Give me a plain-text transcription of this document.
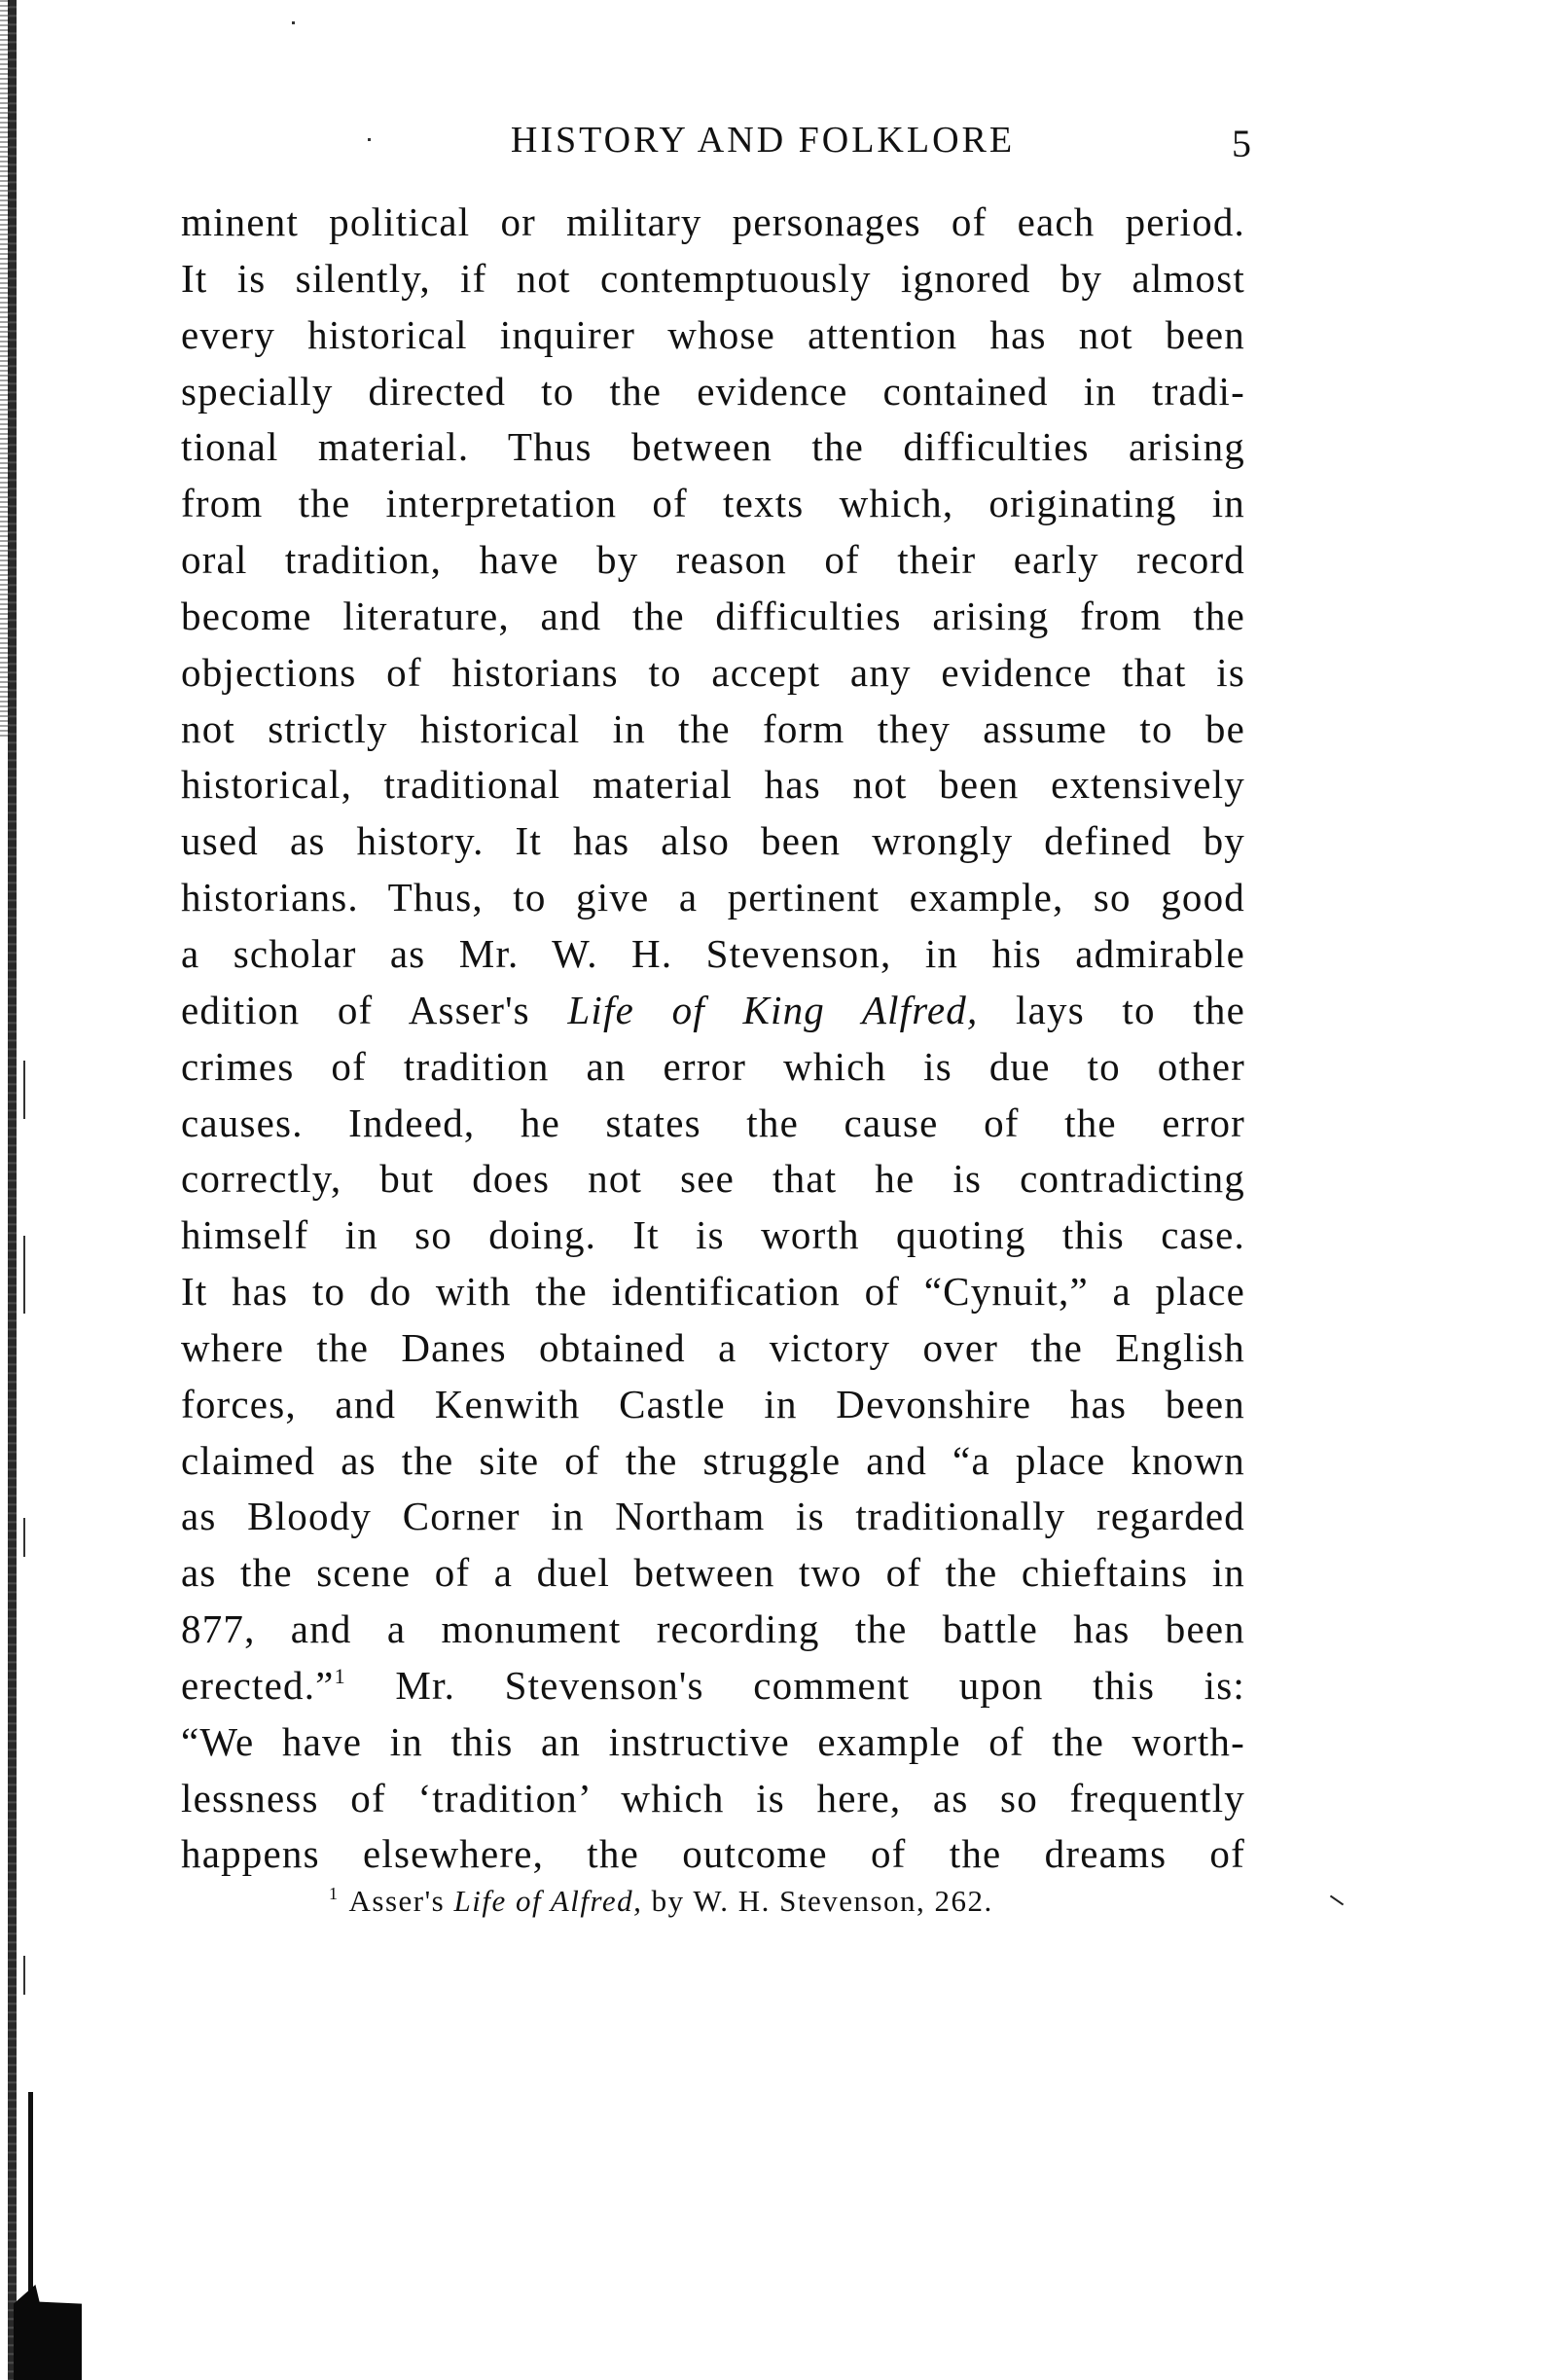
HISTORY AND FOLKLORE	5
minent political or military personages of each period.
It is silently, if not contemptuously ignored by almost
every historical inquirer whose attention has not been
specially directed to the evidence contained in tradi-
tional material. Thus between the difficulties arising
from the interpretation of texts which, originating in
oral tradition, have by reason of their early record
become literature, and the difficulties arising from the
objections of historians to accept any evidence that is
not strictly historical in the form they assume to be
historical, traditional material has not been extensively
used as history. It has also been wrongly defined by
historians. Thus, to give a pertinent example, so good
a scholar as Mr. W. H. Stevenson, in his admirable
edition of Asser's Life of King Alfred, lays to the
crimes of tradition an error which is due to other
causes. Indeed, he states the cause of the error
correctly, but does not see that he is contradicting
himself in so doing. It is worth quoting this case.
It has to do with the identification of “Cynuit,” a place
where the Danes obtained a victory over the English
forces, and Kenwith Castle in Devonshire has been
claimed as the site of the struggle and “a place known
as Bloody Corner in Northam is traditionally regarded
as the scene of a duel between two of the chieftains in
877, and a monument recording the battle has been
erected.”$^1$ Mr. Stevenson's comment upon this is:
“We have in this an instructive example of the worth-
lessness of ‘tradition’ which is here, as so frequently
happens elsewhere, the outcome of the dreams of
$^1$ Asser's Life of Alfred, by W. H. Stevenson, 262.
